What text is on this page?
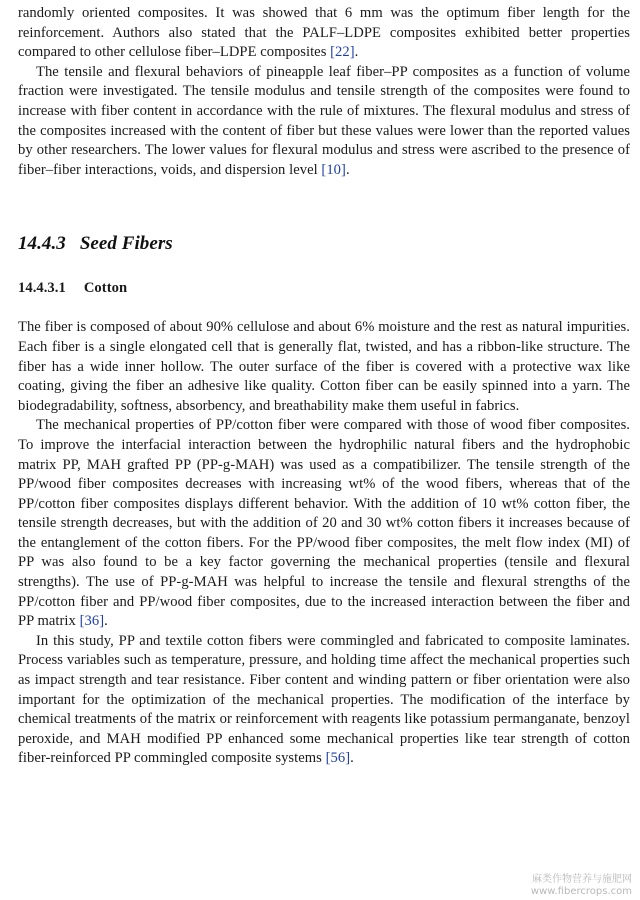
randomly oriented composites. It was showed that 6 mm was the optimum fiber length for the reinforcement. Authors also stated that the PALF–LDPE composites exhibited better properties compared to other cellulose fiber–LDPE composites [22].

The tensile and flexural behaviors of pineapple leaf fiber–PP composites as a function of volume fraction were investigated. The tensile modulus and tensile strength of the composites were found to increase with fiber content in accordance with the rule of mixtures. The flexural modulus and stress of the composites increased with the content of fiber but these values were lower than the reported values by other researchers. The lower values for flexural modulus and stress were ascribed to the presence of fiber–fiber interactions, voids, and dispersion level [10].

14.4.3 Seed Fibers
14.4.3.1 Cotton

The fiber is composed of about 90% cellulose and about 6% moisture and the rest as natural impurities. Each fiber is a single elongated cell that is generally flat, twisted, and has a ribbon-like structure. The fiber has a wide inner hollow. The outer surface of the fiber is covered with a protective wax like coating, giving the fiber an adhesive like quality. Cotton fiber can be easily spinned into a yarn. The biodegradability, softness, absorbency, and breathability make them useful in fabrics.

The mechanical properties of PP/cotton fiber were compared with those of wood fiber composites. To improve the interfacial interaction between the hydrophilic natural fibers and the hydrophobic matrix PP, MAH grafted PP (PP-g-MAH) was used as a compatibilizer. The tensile strength of the PP/wood fiber composites decreases with increasing wt% of the wood fibers, whereas that of the PP/cotton fiber composites displays different behavior. With the addition of 10 wt% cotton fiber, the tensile strength decreases, but with the addition of 20 and 30 wt% cotton fibers it increases because of the entanglement of the cotton fibers. For the PP/wood fiber composites, the melt flow index (MI) of PP was also found to be a key factor governing the mechanical properties (tensile and flexural strengths). The use of PP-g-MAH was helpful to increase the tensile and flexural strengths of the PP/cotton fiber and PP/wood fiber composites, due to the increased interaction between the fiber and PP matrix [36].

In this study, PP and textile cotton fibers were commingled and fabricated to composite laminates. Process variables such as temperature, pressure, and holding time affect the mechanical properties such as impact strength and tear resistance. Fiber content and winding pattern or fiber orientation were also important for the optimization of the mechanical properties. The modification of the interface by chemical treatments of the matrix or reinforcement with reagents like potassium permanganate, benzoyl peroxide, and MAH modified PP enhanced some mechanical properties like tear strength of cotton fiber-reinforced PP commingled composite systems [56].

麻类作物营养与施肥网
www.fibercrops.com
